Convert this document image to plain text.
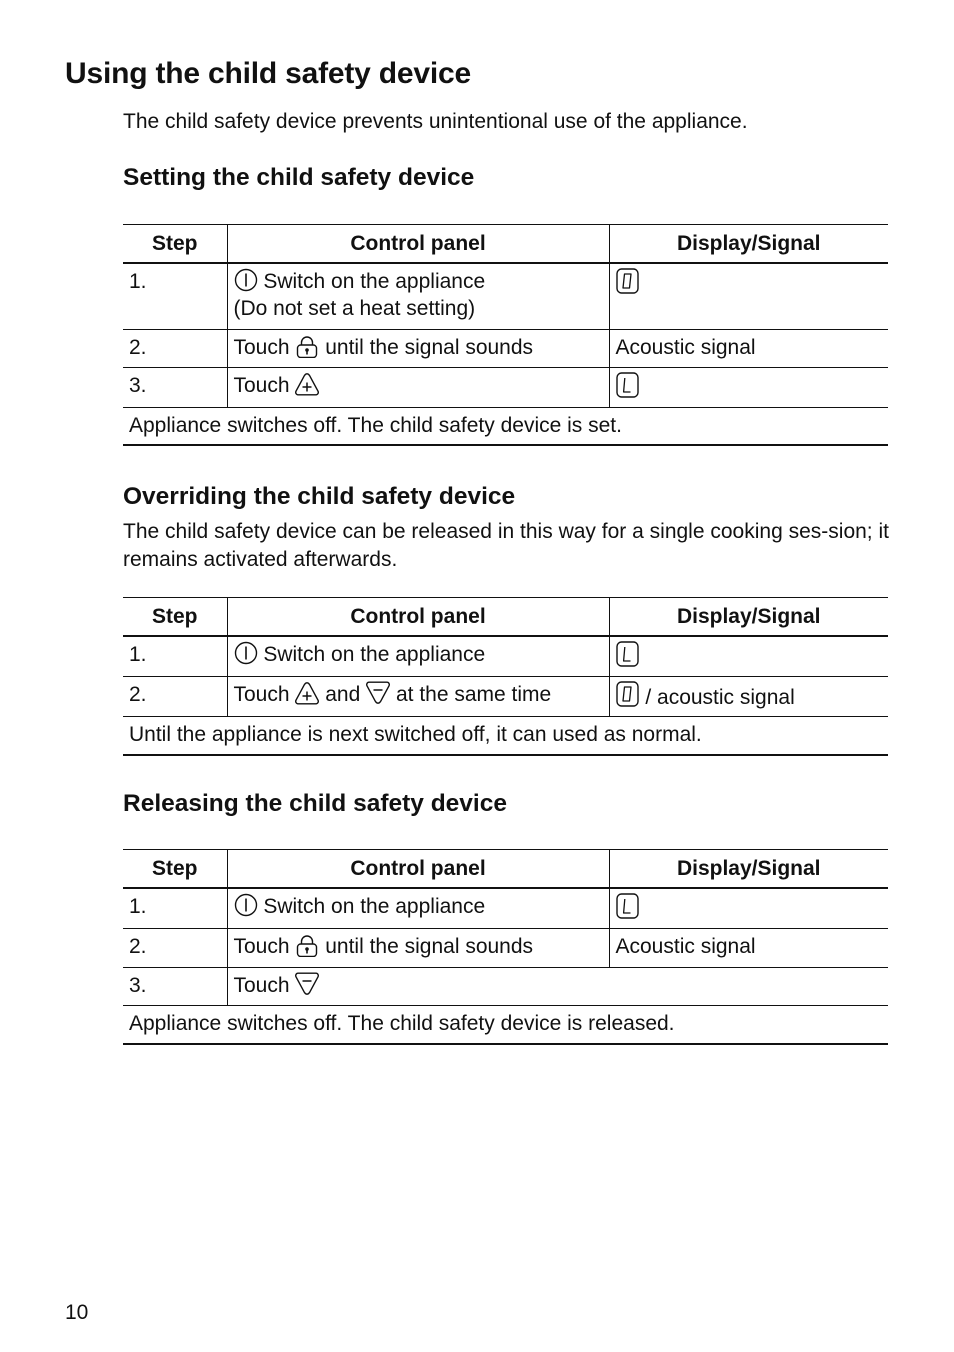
Using the child safety device

The child safety device prevents unintentional use of the appliance.

Setting the child safety device
Step	Control panel	Display/Signal
1.	Switch on the appliance
(Do not set a heat setting)	

2.	Touch until the signal sounds	Acoustic signal
3.	Touch

Appliance switches off. The child safety device is set.		
Overriding the child safety device

The child safety device can be released in this way for a single cooking ses-sion; it remains activated afterwards.

Step	Control panel	Display/Signal
1.	Switch on the appliance	

2.	Touch and at the same time	/ acoustic signal
Until the appliance is next switched off, it can used as normal.		
Releasing the child safety device
Step	Control panel	Display/Signal
1.	Switch on the appliance	

2.	Touch until the signal sounds	Acoustic signal
3.	Touch	

Appliance switches off. The child safety device is released.		

10
